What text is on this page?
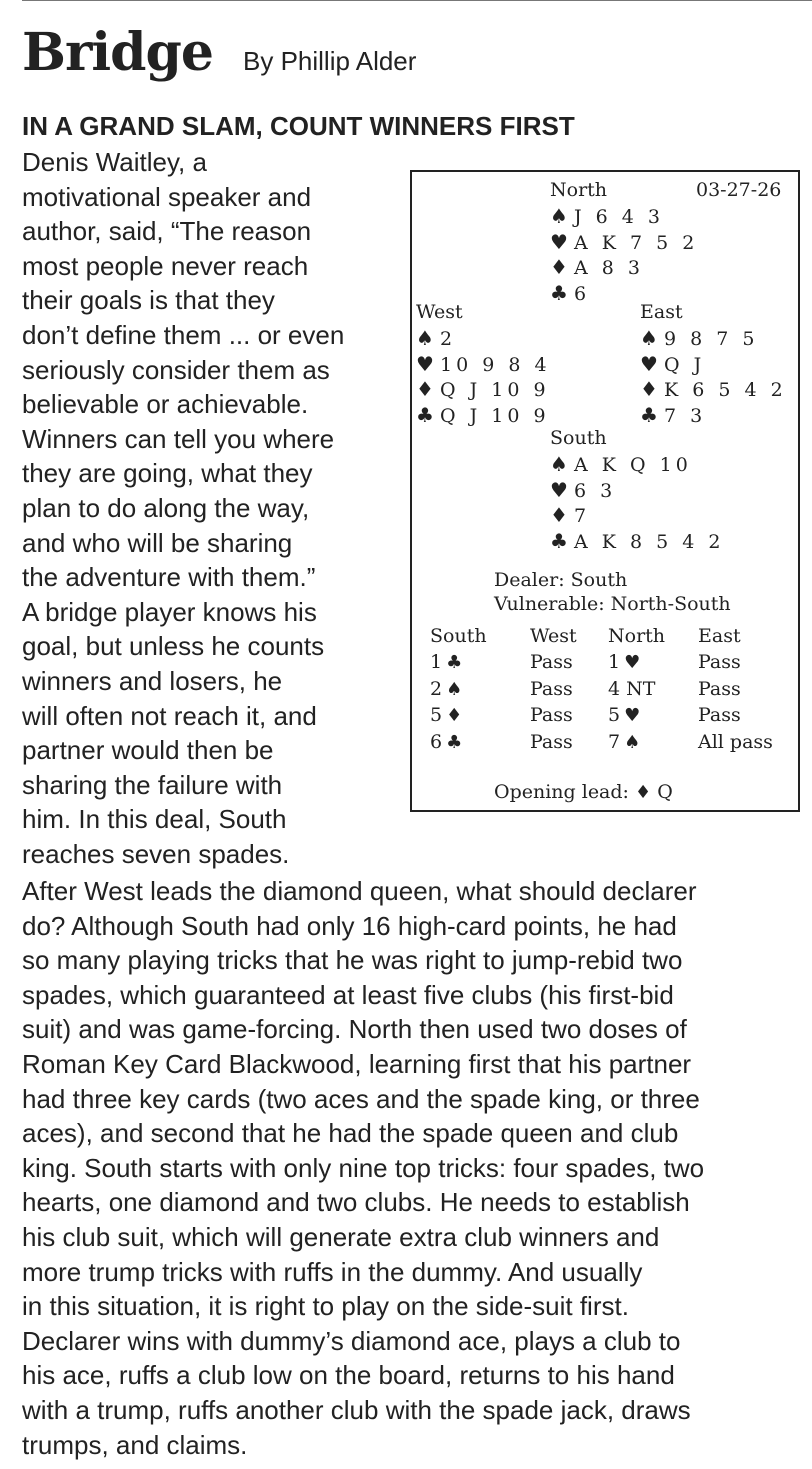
Bridge By Phillip Alder
IN A GRAND SLAM, COUNT WINNERS FIRST
Denis Waitley, a
motivational speaker and
author, said, “The reason
most people never reach
their goals is that they
don’t define them ... or even
seriously consider them as
believable or achievable.
Winners can tell you where
they are going, what they
plan to do along the way,
and who will be sharing
the adventure with them.”
A bridge player knows his
goal, but unless he counts
winners and losers, he
will often not reach it, and
partner would then be
sharing the failure with
him. In this deal, South
reaches seven spades.
North	03-27-26
West	East
South
Dealer: South
Vulnerable: North-South
Opening lead: ♦ Q
♠ J 6 4 3
♥ A K 7 5 2
♦ A 8 3
♣ 6
♠ 2
♥ 10 9 8 4
♦ Q J 10 9
♣ Q J 10 9
♠ 9 8 7 5
♥ Q J
♦ K 6 5 4 2
♣ 7 3
♠ A K Q 10
♥ 6 3
♦ 7
♣ A K 8 5 4 2
South West North East
1 ♣	Pass 1 ♥	Pass
2 ♠	Pass 4 NT Pass
5 ♦	Pass 5 ♥	Pass
6 ♣	Pass 7 ♠	All pass
After West leads the diamond queen, what should declarer
do? Although South had only 16 high-card points, he had
so many playing tricks that he was right to jump-rebid two
spades, which guaranteed at least five clubs (his first-bid
suit) and was game-forcing. North then used two doses of
Roman Key Card Blackwood, learning first that his partner
had three key cards (two aces and the spade king, or three
aces), and second that he had the spade queen and club
king. South starts with only nine top tricks: four spades, two
hearts, one diamond and two clubs. He needs to establish
his club suit, which will generate extra club winners and
more trump tricks with ruffs in the dummy. And usually
in this situation, it is right to play on the side-suit first.
Declarer wins with dummy’s diamond ace, plays a club to
his ace, ruffs a club low on the board, returns to his hand
with a trump, ruffs another club with the spade jack, draws
trumps, and claims.
